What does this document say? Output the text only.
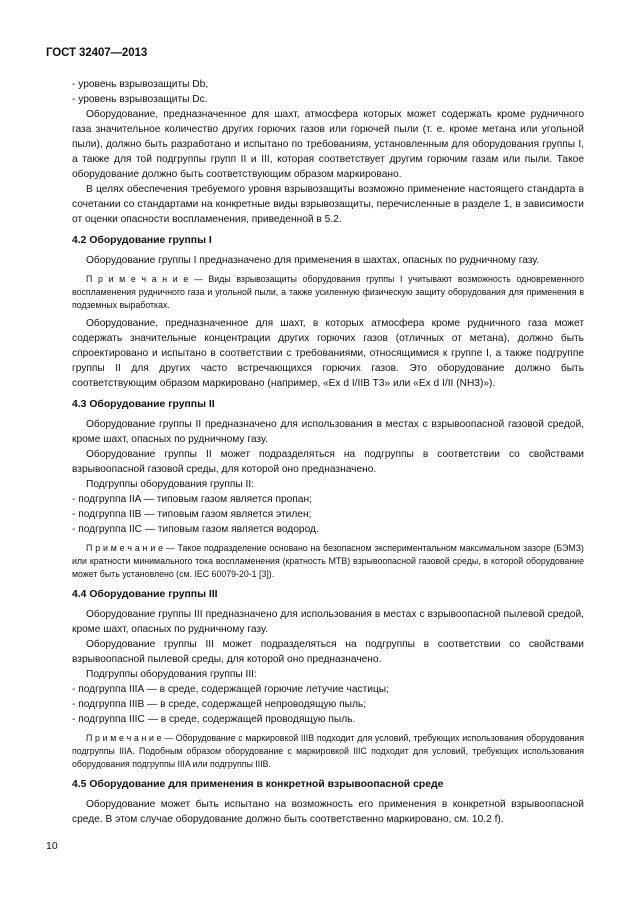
ГОСТ 32407—2013

- уровень взрывозащиты Db,

- уровень взрывозащиты Dc.

Оборудование, предназначенное для шахт, атмосфера которых может содержать кроме рудничного газа значительное количество других горючих газов или горючей пыли (т. е. кроме метана или угольной пыли), должно быть разработано и испытано по требованиям, установленным для оборудования группы I, а также для той подгруппы групп II и III, которая соответствует другим горючим газам или пыли. Такое оборудование должно быть соответствующим образом маркировано.

В целях обеспечения требуемого уровня взрывозащиты возможно применение настоящего стандарта в сочетании со стандартами на конкретные виды взрывозащиты, перечисленные в разделе 1, в зависимости от оценки опасности воспламенения, приведенной в 5.2.

4.2 Оборудование группы I

Оборудование группы I предназначено для применения в шахтах, опасных по рудничному газу.

П р и м е ч а н и е — Виды взрывозащиты оборудования группы I учитывают возможность одновременного воспламенения рудничного газа и угольной пыли, а также усиленную физическую защиту оборудования для применения в подземных выработках.

Оборудование, предназначенное для шахт, в которых атмосфера кроме рудничного газа может содержать значительные концентрации других горючих газов (отличных от метана), должно быть спроектировано и испытано в соответствии с требованиями, относящимися к группе I, а также подгруппе группы II для других часто встречающихся горючих газов. Это оборудование должно быть соответствующим образом маркировано (например, «Ex d I/IIB T3» или «Ex d I/II (NH3)»).

4.3 Оборудование группы II

Оборудование группы II предназначено для использования в местах с взрывоопасной газовой средой, кроме шахт, опасных по рудничному газу.

Оборудование группы II может подразделяться на подгруппы в соответствии со свойствами взрывоопасной газовой среды, для которой оно предназначено.

Подгруппы оборудования группы II:

- подгруппа IIA — типовым газом является пропан;

- подгруппа IIB — типовым газом является этилен;

- подгруппа IIC — типовым газом является водород.

П р и м е ч а н и е — Такое подразделение основано на безопасном экспериментальном максимальном зазоре (БЭМЗ) или кратности минимального тока воспламенения (кратность МТВ) взрывоопасной газовой среды, в которой оборудование может быть установлено (см. IEC 60079-20-1 [3]).

4.4 Оборудование группы III

Оборудование группы III предназначено для использования в местах с взрывоопасной пылевой средой, кроме шахт, опасных по рудничному газу.

Оборудование группы III может подразделяться на подгруппы в соответствии со свойствами взрывоопасной пылевой среды, для которой оно предназначено.

Подгруппы оборудования группы III:

- подгруппа IIIA — в среде, содержащей горючие летучие частицы;

- подгруппа IIIB — в среде, содержащей непроводящую пыль;

- подгруппа IIIC — в среде, содержащей проводящую пыль.

П р и м е ч а н и е — Оборудование с маркировкой IIIB подходит для условий, требующих использования оборудования подгруппы IIIA. Подобным образом оборудование с маркировкой IIIC подходит для условий, требующих использования оборудования подгруппы IIIA или подгруппы IIIB.

4.5 Оборудование для применения в конкретной взрывоопасной среде

Оборудование может быть испытано на возможность его применения в конкретной взрывоопасной среде. В этом случае оборудование должно быть соответственно маркировано, см. 10.2 f).

10
